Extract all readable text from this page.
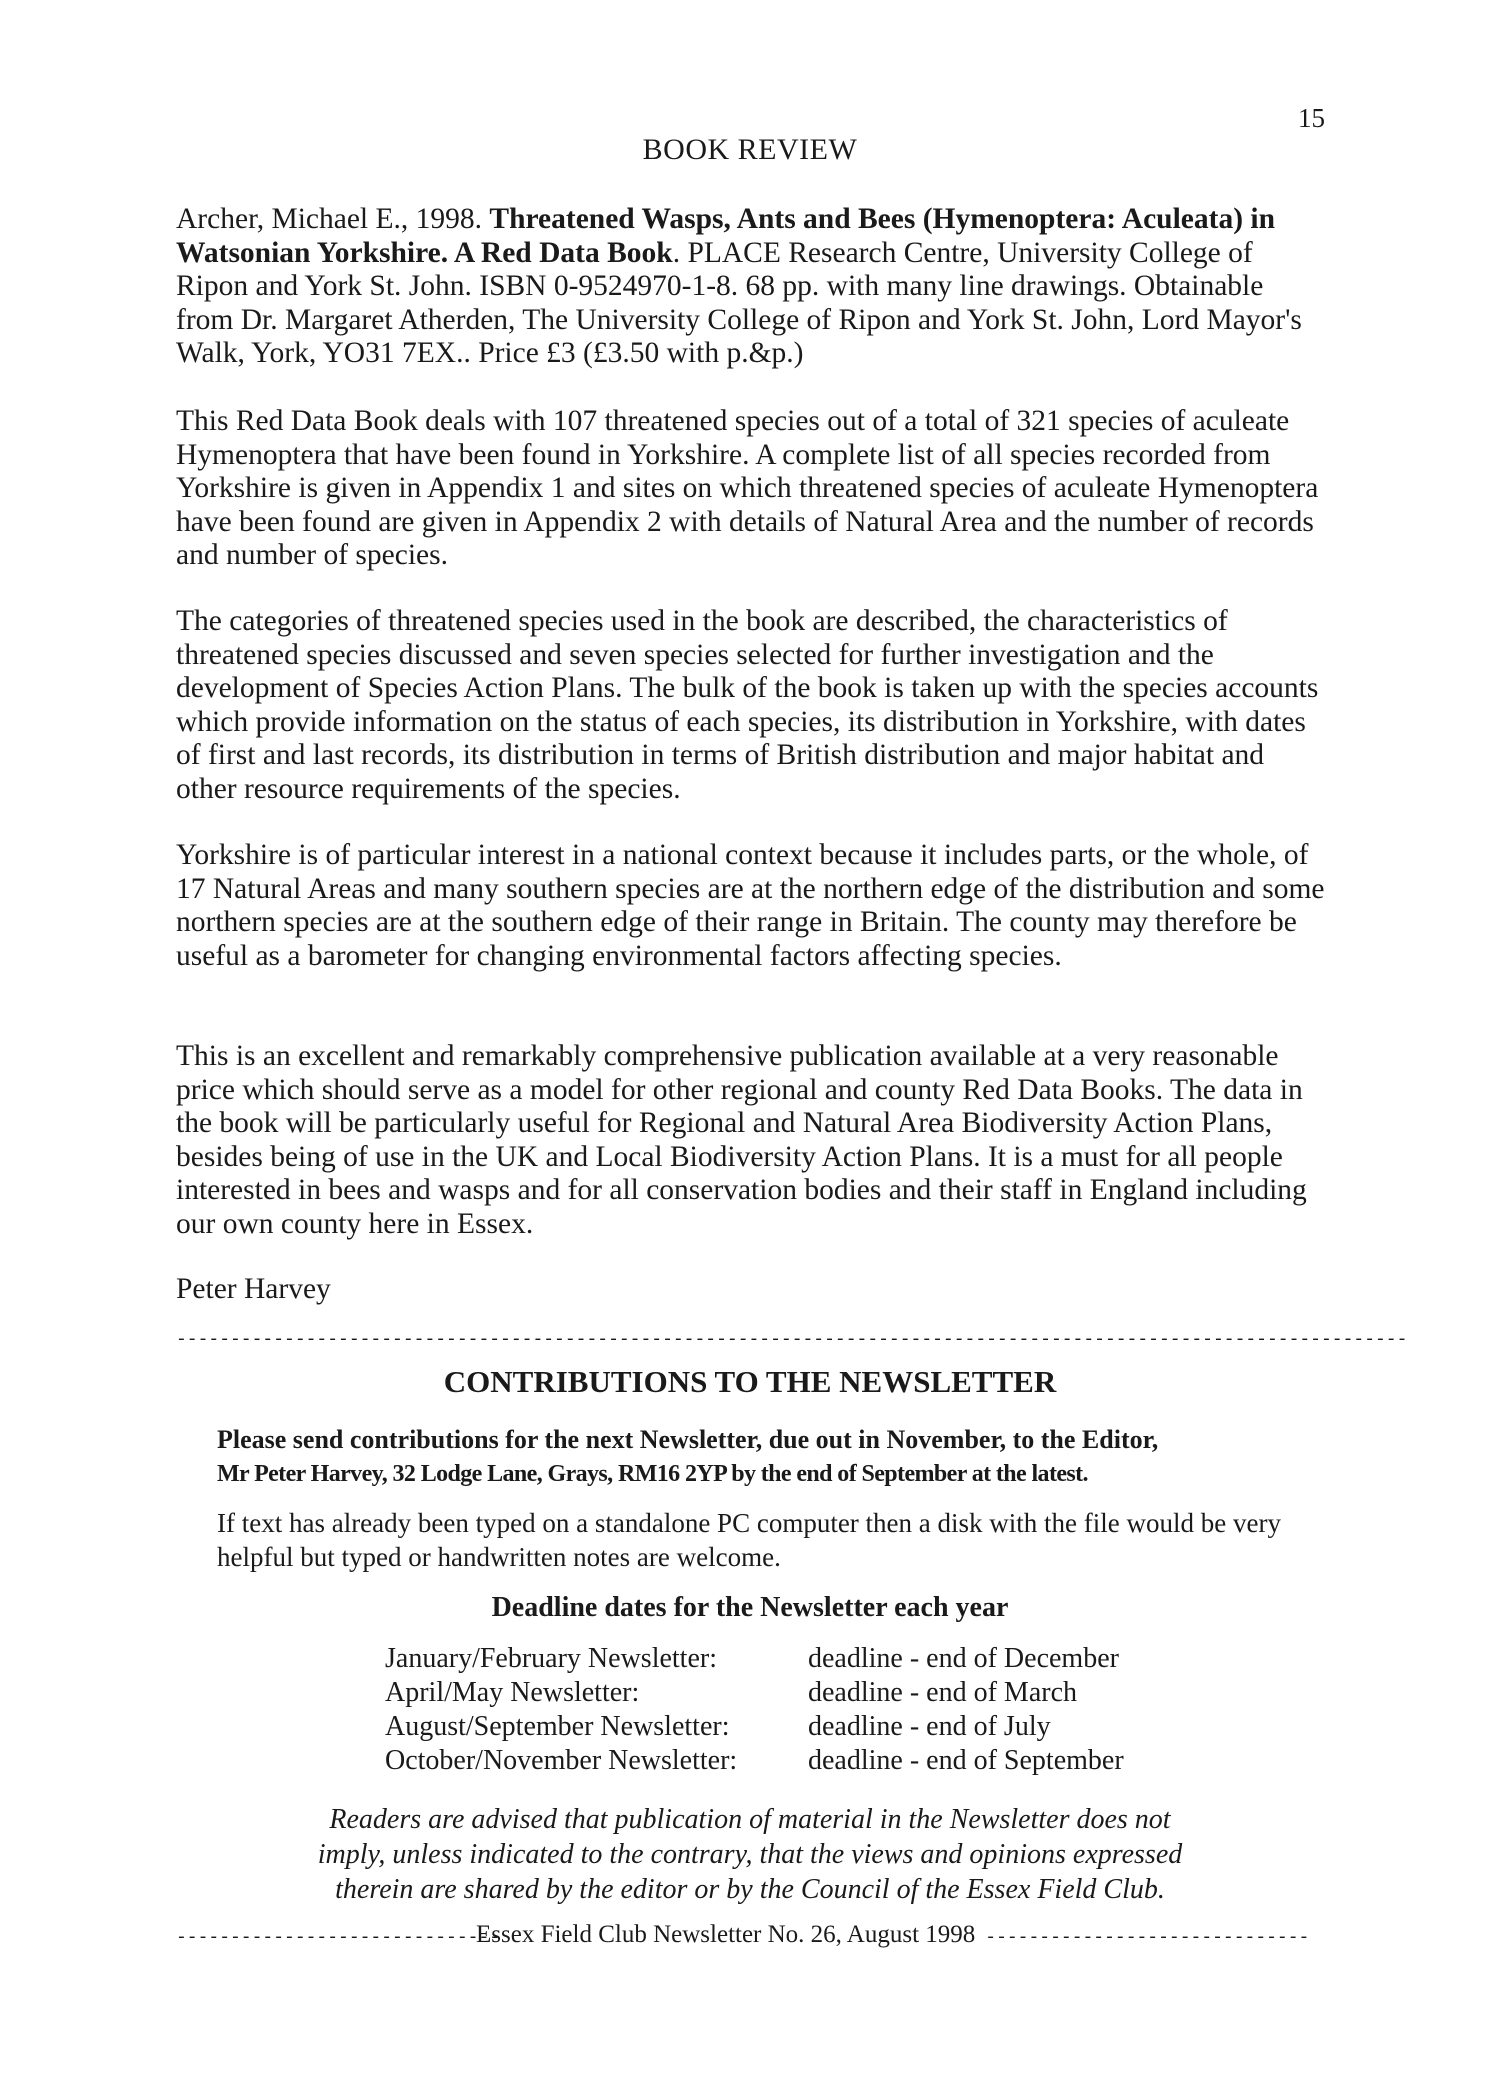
15
BOOK REVIEW
Archer, Michael E., 1998. Threatened Wasps, Ants and Bees (Hymenoptera: Aculeata) in Watsonian Yorkshire. A Red Data Book. PLACE Research Centre, University College of Ripon and York St. John. ISBN 0-9524970-1-8. 68 pp. with many line drawings. Obtainable from Dr. Margaret Atherden, The University College of Ripon and York St. John, Lord Mayor's Walk, York, YO31 7EX.. Price £3 (£3.50 with p.&p.)
This Red Data Book deals with 107 threatened species out of a total of 321 species of aculeate Hymenoptera that have been found in Yorkshire. A complete list of all species recorded from Yorkshire is given in Appendix 1 and sites on which threatened species of aculeate Hymenoptera have been found are given in Appendix 2 with details of Natural Area and the number of records and number of species.
The categories of threatened species used in the book are described, the characteristics of threatened species discussed and seven species selected for further investigation and the development of Species Action Plans. The bulk of the book is taken up with the species accounts which provide information on the status of each species, its distribution in Yorkshire, with dates of first and last records, its distribution in terms of British distribution and major habitat and other resource requirements of the species.
Yorkshire is of particular interest in a national context because it includes parts, or the whole, of 17 Natural Areas and many southern species are at the northern edge of the distribution and some northern species are at the southern edge of their range in Britain. The county may therefore be useful as a barometer for changing environmental factors affecting species.
This is an excellent and remarkably comprehensive publication available at a very reasonable price which should serve as a model for other regional and county Red Data Books. The data in the book will be particularly useful for Regional and Natural Area Biodiversity Action Plans, besides being of use in the UK and Local Biodiversity Action Plans. It is a must for all people interested in bees and wasps and for all conservation bodies and their staff in England including our own county here in Essex.
Peter Harvey
------------------------------------------------------------------------------------------------------------------
CONTRIBUTIONS TO THE NEWSLETTER
Please send contributions for the next Newsletter, due out in November, to the Editor,
Mr Peter Harvey, 32 Lodge Lane, Grays, RM16 2YP by the end of September at the latest.
If text has already been typed on a standalone PC computer then a disk with the file would be very helpful but typed or handwritten notes are welcome.
Deadline dates for the Newsletter each year
January/February Newsletter:	deadline - end of December
April/May Newsletter:	deadline - end of March
August/September Newsletter:	deadline - end of July
October/November Newsletter:	deadline - end of September
Readers are advised that publication of material in the Newsletter does not
imply, unless indicated to the contrary, that the views and opinions expressed
therein are shared by the editor or by the Council of the Essex Field Club.
------------------------------
Essex Field Club Newsletter No. 26, August 1998 ------------------------------
